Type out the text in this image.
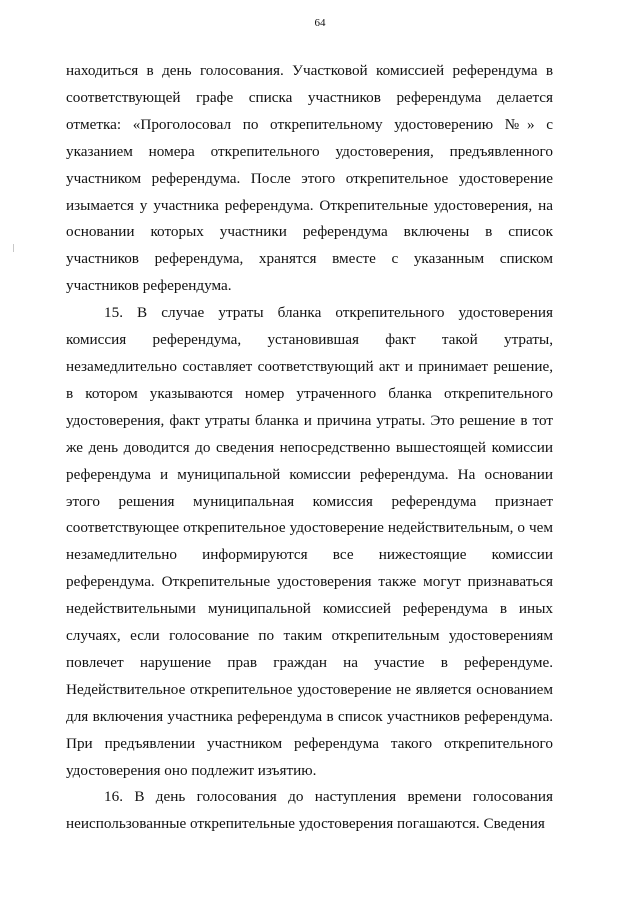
64

находиться в день голосования. Участковой комиссией референдума в соответствующей графе списка участников референдума делается отметка: «Проголосовал по открепительному удостоверению №» с указанием номера открепительного удостоверения, предъявленного участником референдума. После этого открепительное удостоверение изымается у участника референдума. Открепительные удостоверения, на основании которых участники референдума включены в список участников референдума, хранятся вместе с указанным списком участников референдума.

15. В случае утраты бланка открепительного удостоверения комиссия референдума, установившая факт такой утраты, незамедлительно составляет соответствующий акт и принимает решение, в котором указываются номер утраченного бланка открепительного удостоверения, факт утраты бланка и причина утраты. Это решение в тот же день доводится до сведения непосредственно вышестоящей комиссии референдума и муниципальной комиссии референдума. На основании этого решения муниципальная комиссия референдума признает соответствующее открепительное удостоверение недействительным, о чем незамедлительно информируются все нижестоящие комиссии референдума. Открепительные удостоверения также могут признаваться недействительными муниципальной комиссией референдума в иных случаях, если голосование по таким открепительным удостоверениям повлечет нарушение прав граждан на участие в референдуме. Недействительное открепительное удостоверение не является основанием для включения участника референдума в список участников референдума. При предъявлении участником референдума такого открепительного удостоверения оно подлежит изъятию.

16. В день голосования до наступления времени голосования неиспользованные открепительные удостоверения погашаются. Сведения
